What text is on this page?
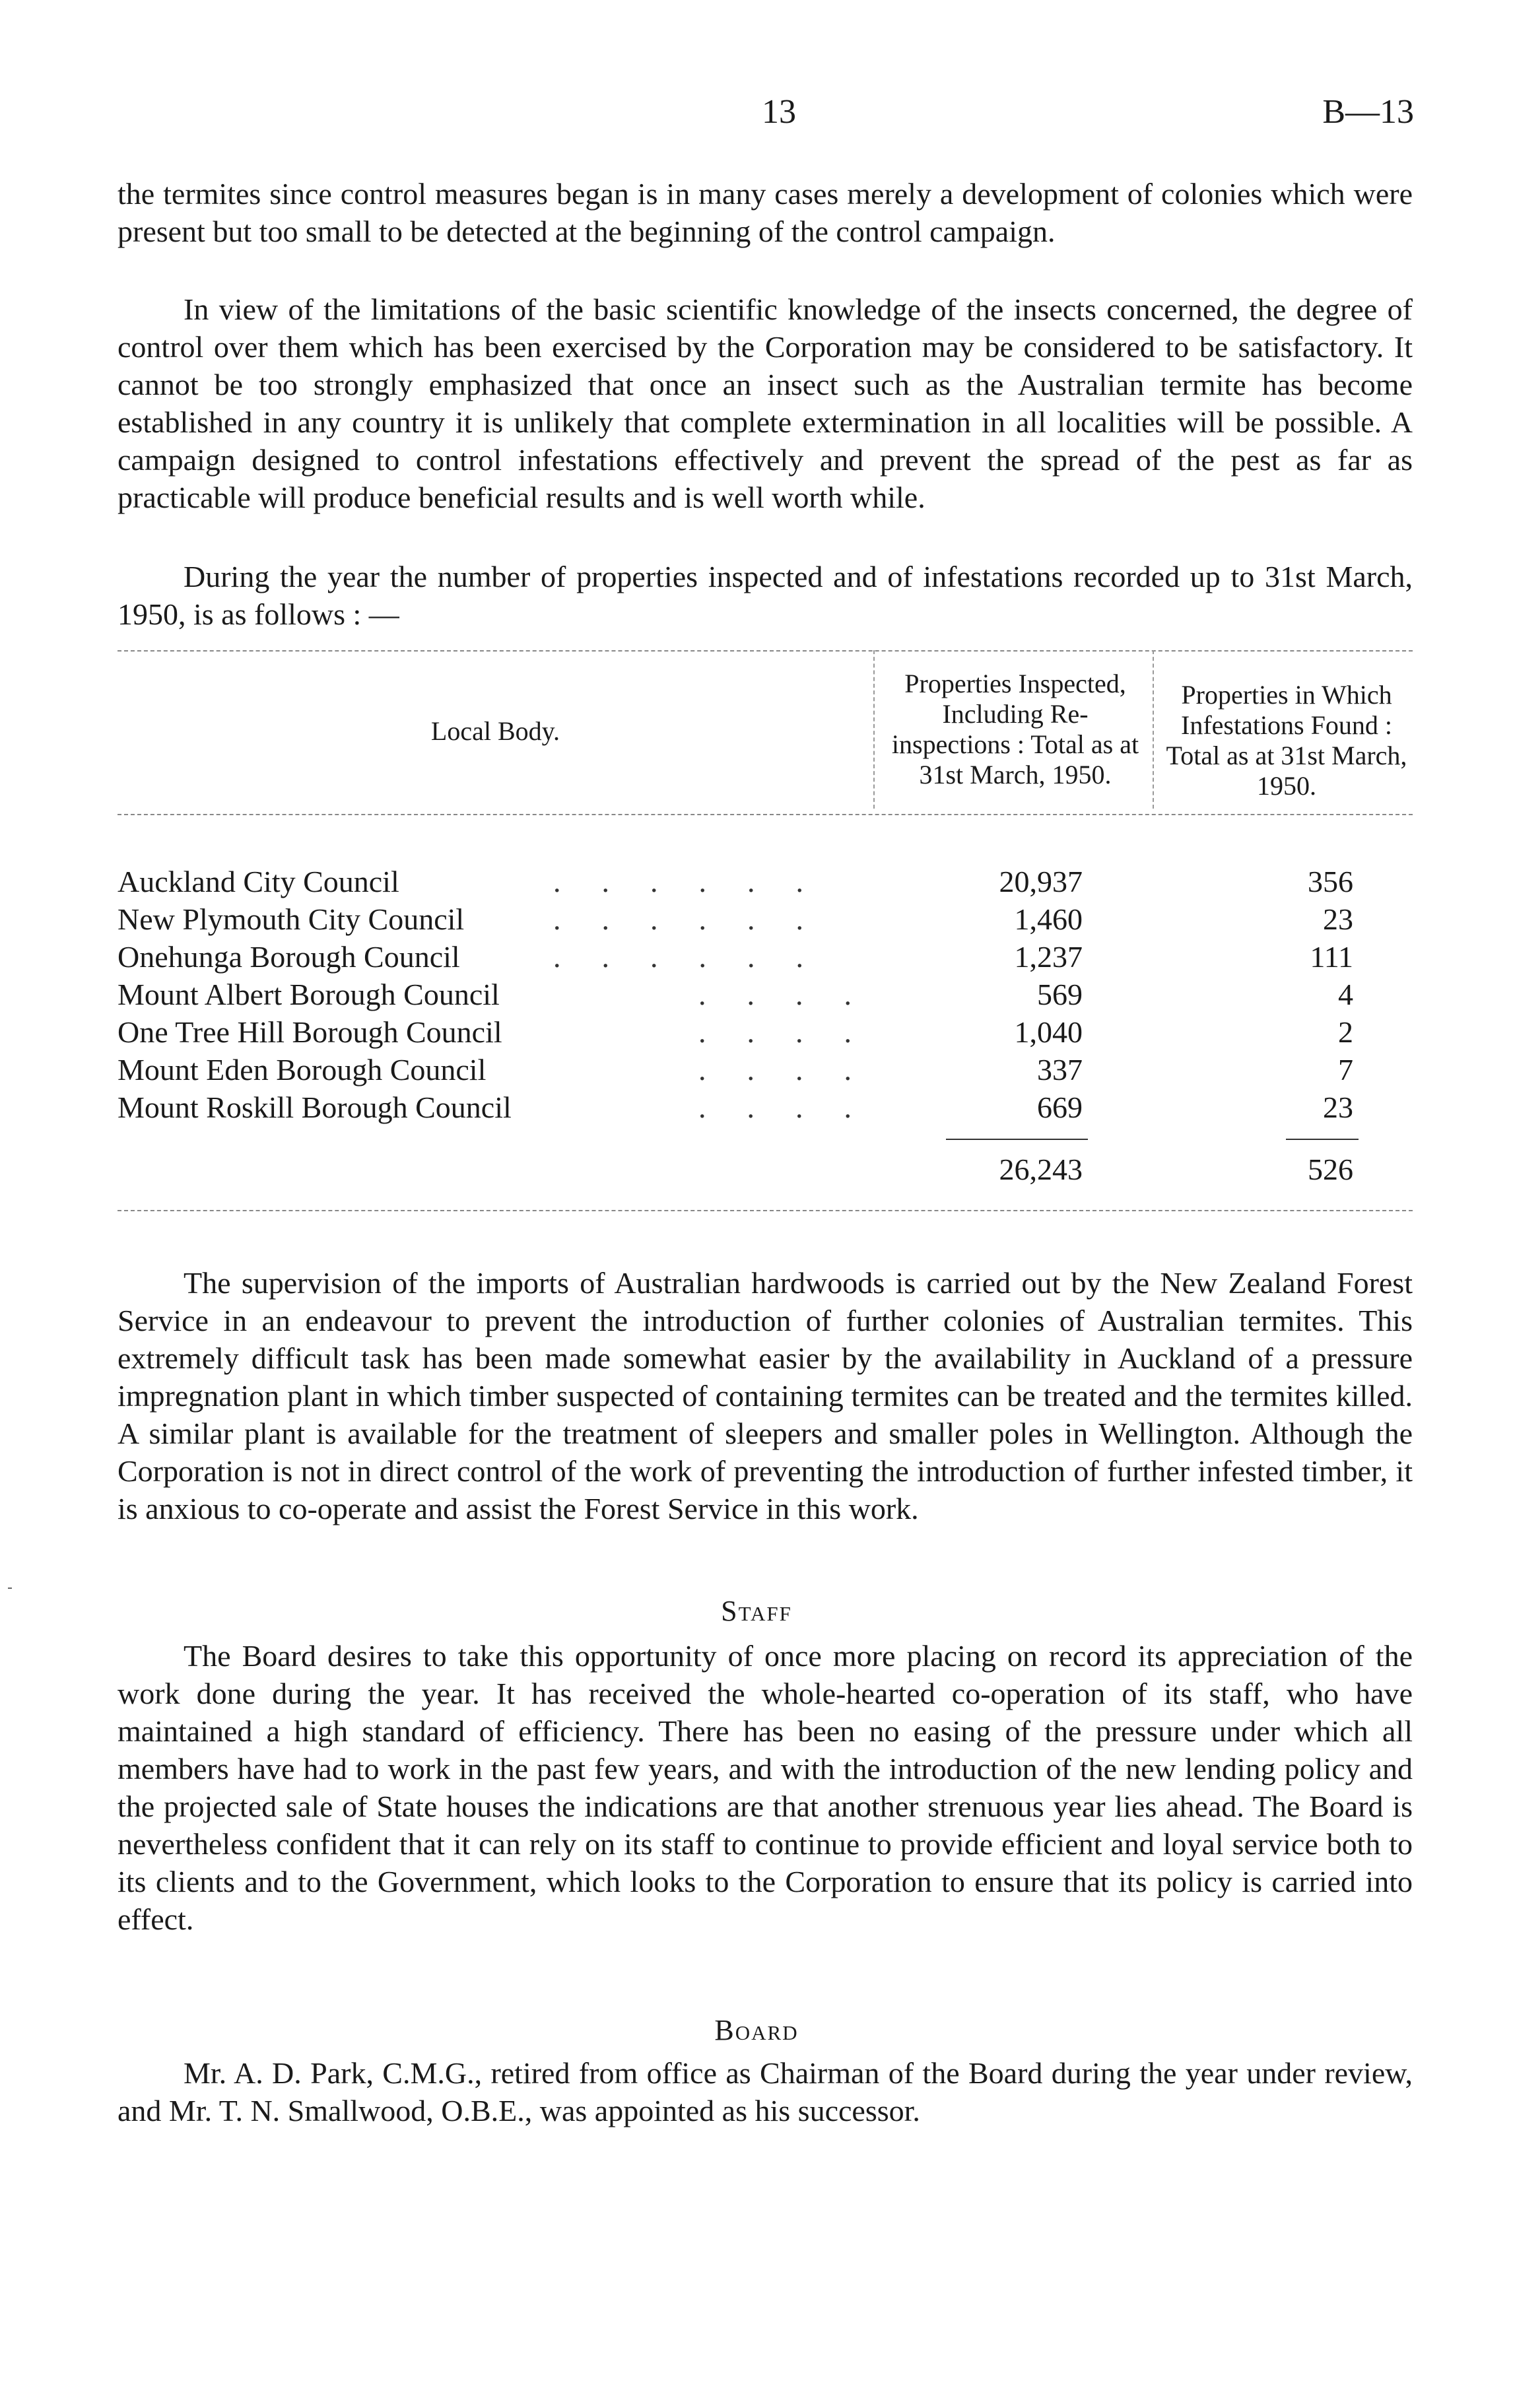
13	B—13

the termites since control measures began is in many cases merely a development of colonies which were present but too small to be detected at the beginning of the control campaign.

In view of the limitations of the basic scientific knowledge of the insects concerned, the degree of control over them which has been exercised by the Corporation may be considered to be satisfactory. It cannot be too strongly emphasized that once an insect such as the Australian termite has become established in any country it is unlikely that complete extermination in all localities will be possible. A campaign designed to control infestations effectively and prevent the spread of the pest as far as practicable will produce beneficial results and is well worth while.

During the year the number of properties inspected and of infestations recorded up to 31st March, 1950, is as follows : —

Local Body.
Properties Inspected, Including Re-inspections : Total as at 31st March, 1950.
Properties in Which Infestations Found : Total as at 31st March, 1950.
Auckland City Council	......	20,937	356
New Plymouth City Council	......	1,460	23
Onehunga Borough Council	......	1,237	111
Mount Albert Borough Council	....	569	4
One Tree Hill Borough Council	....	1,040	2
Mount Eden Borough Council	....	337	7
Mount Roskill Borough Council	....	669	23
26,243	526

The supervision of the imports of Australian hardwoods is carried out by the New Zealand Forest Service in an endeavour to prevent the introduction of further colonies of Australian termites. This extremely difficult task has been made somewhat easier by the availability in Auckland of a pressure impregnation plant in which timber suspected of containing termites can be treated and the termites killed. A similar plant is available for the treatment of sleepers and smaller poles in Wellington. Although the Corporation is not in direct control of the work of preventing the introduction of further infested timber, it is anxious to co-operate and assist the Forest Service in this work.

Staff

The Board desires to take this opportunity of once more placing on record its appreciation of the work done during the year. It has received the whole-hearted co-operation of its staff, who have maintained a high standard of efficiency. There has been no easing of the pressure under which all members have had to work in the past few years, and with the introduction of the new lending policy and the projected sale of State houses the indications are that another strenuous year lies ahead. The Board is nevertheless confident that it can rely on its staff to continue to provide efficient and loyal service both to its clients and to the Government, which looks to the Corporation to ensure that its policy is carried into effect.

Board

Mr. A. D. Park, C.M.G., retired from office as Chairman of the Board during the year under review, and Mr. T. N. Smallwood, O.B.E., was appointed as his successor.
